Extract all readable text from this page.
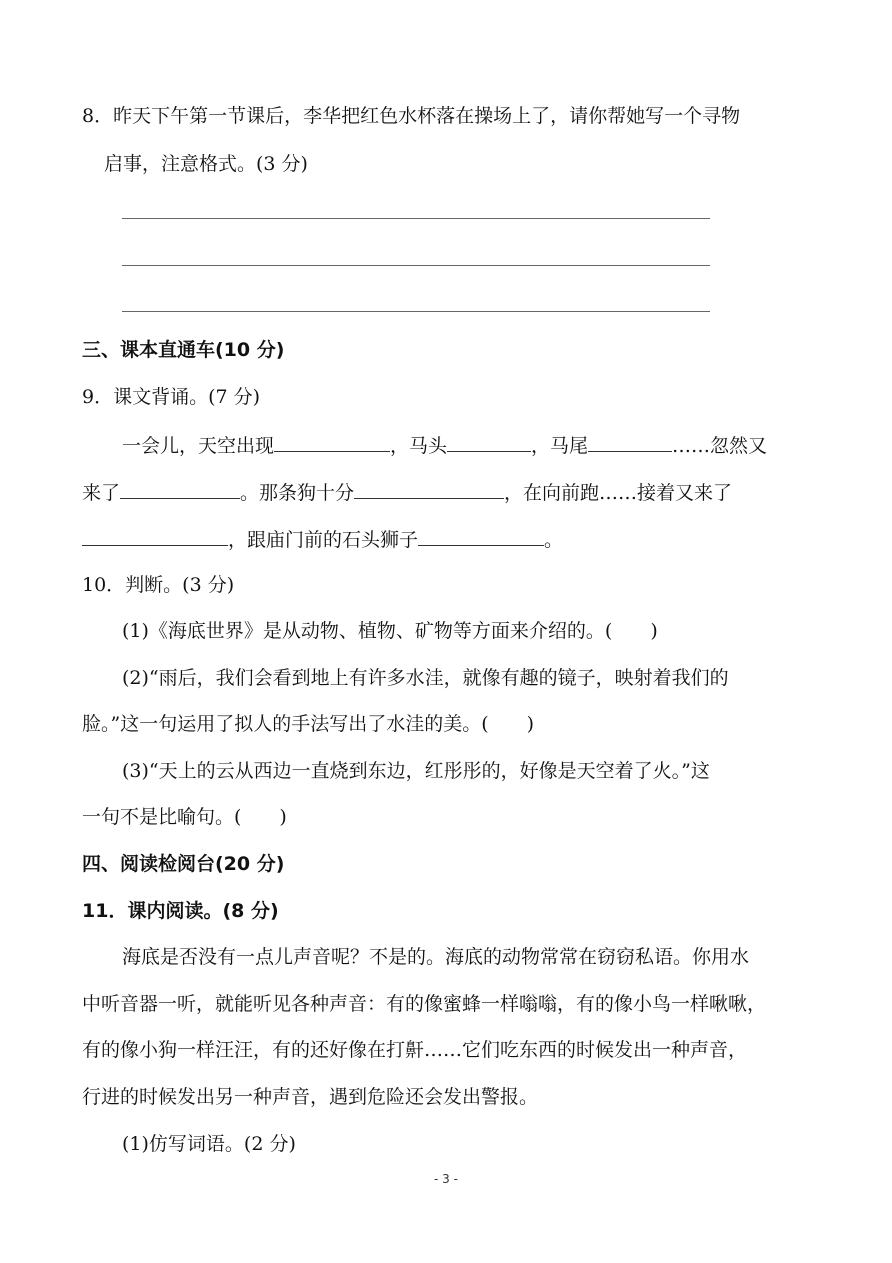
8．昨天下午第一节课后，李华把红色水杯落在操场上了，请你帮她写一个寻物
启事，注意格式。(3 分)
三、课本直通车(10 分)
9．课文背诵。(7 分)
一会儿，天空出现	，马头	，马尾	……忽然又
来了	。那条狗十分	，在向前跑……接着又来了
，跟庙门前的石头狮子	。
10．判断。(3 分)
(1)《海底世界》是从动物、植物、矿物等方面来介绍的。(　　)
(2)“雨后，我们会看到地上有许多水洼，就像有趣的镜子，映射着我们的
脸。”这一句运用了拟人的手法写出了水洼的美。(　　)
(3)“天上的云从西边一直烧到东边，红彤彤的，好像是天空着了火。”这
一句不是比喻句。(　　)
四、阅读检阅台(20 分)
11．课内阅读。(8 分)
海底是否没有一点儿声音呢？不是的。海底的动物常常在窃窃私语。你用水
中听音器一听，就能听见各种声音：有的像蜜蜂一样嗡嗡，有的像小鸟一样啾啾，
有的像小狗一样汪汪，有的还好像在打鼾……它们吃东西的时候发出一种声音，
行进的时候发出另一种声音，遇到危险还会发出警报。
(1)仿写词语。(2 分)
- 3 -
